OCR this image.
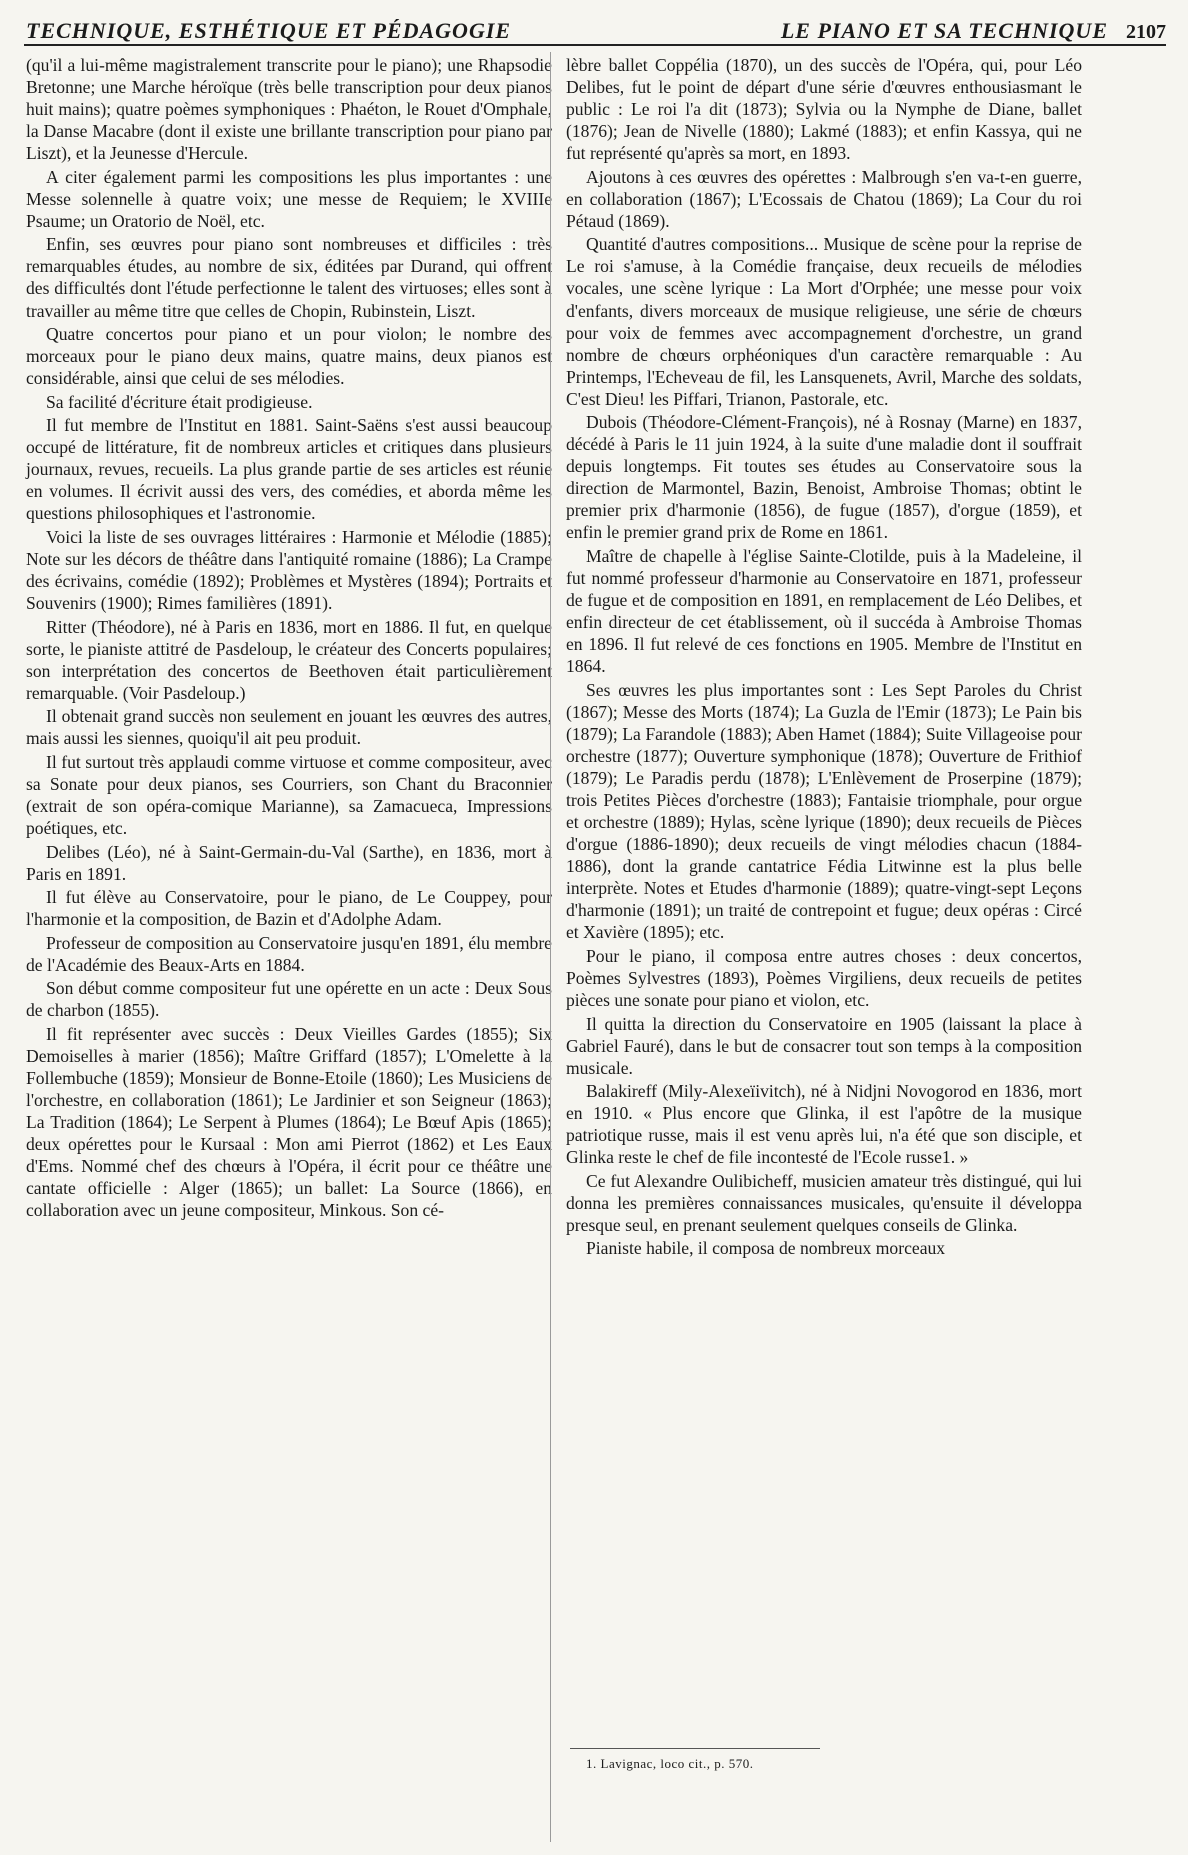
TECHNIQUE, ESTHÉTIQUE ET PÉDAGOGIE	LE PIANO ET SA TECHNIQUE 2107

(qu'il a lui-même magistralement transcrite pour le piano); une Rhapsodie Bretonne; une Marche héroïque (très belle transcription pour deux pianos huit mains); quatre poèmes symphoniques : Phaéton, le Rouet d'Omphale, la Danse Macabre (dont il existe une brillante transcription pour piano par Liszt), et la Jeunesse d'Hercule.

A citer également parmi les compositions les plus importantes : une Messe solennelle à quatre voix; une messe de Requiem; le XVIIIe Psaume; un Oratorio de Noël, etc.

Enfin, ses œuvres pour piano sont nombreuses et difficiles : très remarquables études, au nombre de six, éditées par Durand, qui offrent des difficultés dont l'étude perfectionne le talent des virtuoses; elles sont à travailler au même titre que celles de Chopin, Rubinstein, Liszt.

Quatre concertos pour piano et un pour violon; le nombre des morceaux pour le piano deux mains, quatre mains, deux pianos est considérable, ainsi que celui de ses mélodies.

Sa facilité d'écriture était prodigieuse.

Il fut membre de l'Institut en 1881. Saint-Saëns s'est aussi beaucoup occupé de littérature, fit de nombreux articles et critiques dans plusieurs journaux, revues, recueils. La plus grande partie de ses articles est réunie en volumes. Il écrivit aussi des vers, des comédies, et aborda même les questions philosophiques et l'astronomie.

Voici la liste de ses ouvrages littéraires : Harmonie et Mélodie (1885); Note sur les décors de théâtre dans l'antiquité romaine (1886); La Crampe des écrivains, comédie (1892); Problèmes et Mystères (1894); Portraits et Souvenirs (1900); Rimes familières (1891).

Ritter (Théodore), né à Paris en 1836, mort en 1886. Il fut, en quelque sorte, le pianiste attitré de Pasdeloup, le créateur des Concerts populaires; son interprétation des concertos de Beethoven était particulièrement remarquable. (Voir Pasdeloup.)

Il obtenait grand succès non seulement en jouant les œuvres des autres, mais aussi les siennes, quoiqu'il ait peu produit.

Il fut surtout très applaudi comme virtuose et comme compositeur, avec sa Sonate pour deux pianos, ses Courriers, son Chant du Braconnier (extrait de son opéra-comique Marianne), sa Zamacueca, Impressions poétiques, etc.

Delibes (Léo), né à Saint-Germain-du-Val (Sarthe), en 1836, mort à Paris en 1891.

Il fut élève au Conservatoire, pour le piano, de Le Couppey, pour l'harmonie et la composition, de Bazin et d'Adolphe Adam.

Professeur de composition au Conservatoire jusqu'en 1891, élu membre de l'Académie des Beaux-Arts en 1884.

Son début comme compositeur fut une opérette en un acte : Deux Sous de charbon (1855).

Il fit représenter avec succès : Deux Vieilles Gardes (1855); Six Demoiselles à marier (1856); Maître Griffard (1857); L'Omelette à la Follembuche (1859); Monsieur de Bonne-Etoile (1860); Les Musiciens de l'orchestre, en collaboration (1861); Le Jardinier et son Seigneur (1863); La Tradition (1864); Le Serpent à Plumes (1864); Le Bœuf Apis (1865); deux opérettes pour le Kursaal : Mon ami Pierrot (1862) et Les Eaux d'Ems. Nommé chef des chœurs à l'Opéra, il écrit pour ce théâtre une cantate officielle : Alger (1865); un ballet: La Source (1866), en collaboration avec un jeune compositeur, Minkous. Son cé-

lèbre ballet Coppélia (1870), un des succès de l'Opéra, qui, pour Léo Delibes, fut le point de départ d'une série d'œuvres enthousiasmant le public : Le roi l'a dit (1873); Sylvia ou la Nymphe de Diane, ballet (1876); Jean de Nivelle (1880); Lakmé (1883); et enfin Kassya, qui ne fut représenté qu'après sa mort, en 1893.

Ajoutons à ces œuvres des opérettes : Malbrough s'en va-t-en guerre, en collaboration (1867); L'Ecossais de Chatou (1869); La Cour du roi Pétaud (1869).

Quantité d'autres compositions... Musique de scène pour la reprise de Le roi s'amuse, à la Comédie française, deux recueils de mélodies vocales, une scène lyrique : La Mort d'Orphée; une messe pour voix d'enfants, divers morceaux de musique religieuse, une série de chœurs pour voix de femmes avec accompagnement d'orchestre, un grand nombre de chœurs orphéoniques d'un caractère remarquable : Au Printemps, l'Echeveau de fil, les Lansquenets, Avril, Marche des soldats, C'est Dieu! les Piffari, Trianon, Pastorale, etc.

Dubois (Théodore-Clément-François), né à Rosnay (Marne) en 1837, décédé à Paris le 11 juin 1924, à la suite d'une maladie dont il souffrait depuis longtemps. Fit toutes ses études au Conservatoire sous la direction de Marmontel, Bazin, Benoist, Ambroise Thomas; obtint le premier prix d'harmonie (1856), de fugue (1857), d'orgue (1859), et enfin le premier grand prix de Rome en 1861.

Maître de chapelle à l'église Sainte-Clotilde, puis à la Madeleine, il fut nommé professeur d'harmonie au Conservatoire en 1871, professeur de fugue et de composition en 1891, en remplacement de Léo Delibes, et enfin directeur de cet établissement, où il succéda à Ambroise Thomas en 1896. Il fut relevé de ces fonctions en 1905. Membre de l'Institut en 1864.

Ses œuvres les plus importantes sont : Les Sept Paroles du Christ (1867); Messe des Morts (1874); La Guzla de l'Emir (1873); Le Pain bis (1879); La Farandole (1883); Aben Hamet (1884); Suite Villageoise pour orchestre (1877); Ouverture symphonique (1878); Ouverture de Frithiof (1879); Le Paradis perdu (1878); L'Enlèvement de Proserpine (1879); trois Petites Pièces d'orchestre (1883); Fantaisie triomphale, pour orgue et orchestre (1889); Hylas, scène lyrique (1890); deux recueils de Pièces d'orgue (1886-1890); deux recueils de vingt mélodies chacun (1884-1886), dont la grande cantatrice Fédia Litwinne est la plus belle interprète. Notes et Etudes d'harmonie (1889); quatre-vingt-sept Leçons d'harmonie (1891); un traité de contrepoint et fugue; deux opéras : Circé et Xavière (1895); etc.

Pour le piano, il composa entre autres choses : deux concertos, Poèmes Sylvestres (1893), Poèmes Virgiliens, deux recueils de petites pièces une sonate pour piano et violon, etc.

Il quitta la direction du Conservatoire en 1905 (laissant la place à Gabriel Fauré), dans le but de consacrer tout son temps à la composition musicale.

Balakireff (Mily-Alexeïivitch), né à Nidjni Novogorod en 1836, mort en 1910. « Plus encore que Glinka, il est l'apôtre de la musique patriotique russe, mais il est venu après lui, n'a été que son disciple, et Glinka reste le chef de file incontesté de l'Ecole russe1. »

Ce fut Alexandre Oulibicheff, musicien amateur très distingué, qui lui donna les premières connaissances musicales, qu'ensuite il développa presque seul, en prenant seulement quelques conseils de Glinka.

Pianiste habile, il composa de nombreux morceaux

1. Lavignac, loco cit., p. 570.
